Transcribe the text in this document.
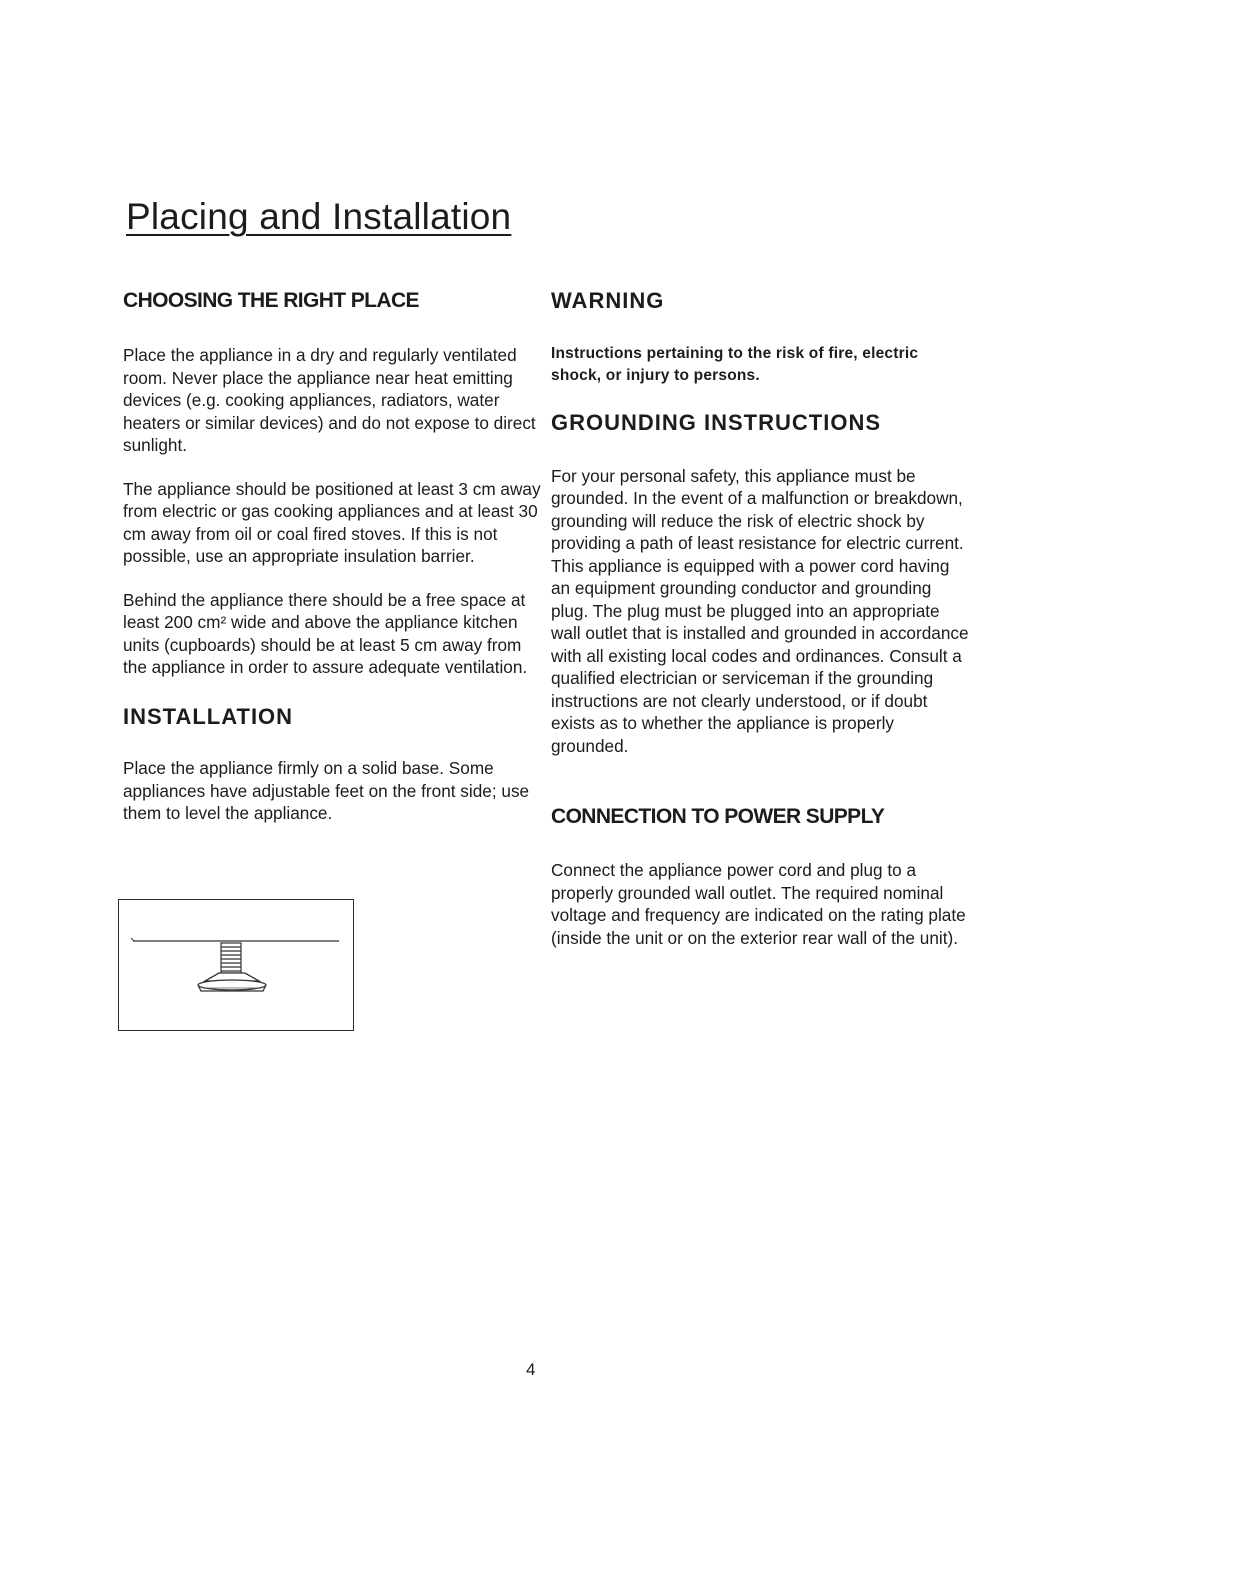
Placing and Installation
CHOOSING THE RIGHT PLACE

Place the appliance in a dry and regularly ventilated room. Never place the appliance near heat emitting devices (e.g. cooking appliances, radiators, water heaters or similar devices) and do not expose to direct sunlight.

The appliance should be positioned at least 3 cm away from electric or gas cooking appliances and at least 30 cm away from oil or coal fired stoves. If this is not possible, use an appropriate insulation barrier.

Behind the appliance there should be a free space at least 200 cm² wide and above the appliance kitchen units (cupboards) should be at least 5 cm away from the appliance in order to assure adequate ventilation.

INSTALLATION

Place the appliance firmly on a solid base. Some appliances have adjustable feet on the front side; use them to level the appliance.

WARNING

Instructions pertaining to the risk of fire, electric shock, or injury to persons.

GROUNDING INSTRUCTIONS

For your personal safety, this appliance must be grounded. In the event of a malfunction or breakdown, grounding will reduce the risk of electric shock by providing a path of least resistance for electric current. This appliance is equipped with a power cord having an equipment grounding conductor and grounding plug. The plug must be plugged into an appropriate wall outlet that is installed and grounded in accordance with all existing local codes and ordinances. Consult a qualified electrician or serviceman if the grounding instructions are not clearly understood, or if doubt exists as to whether the appliance is properly grounded.

CONNECTION TO POWER SUPPLY

Connect the appliance power cord and plug to a properly grounded wall outlet. The required nominal voltage and frequency are indicated on the rating plate (inside the unit or on the exterior rear wall of the unit).

4
